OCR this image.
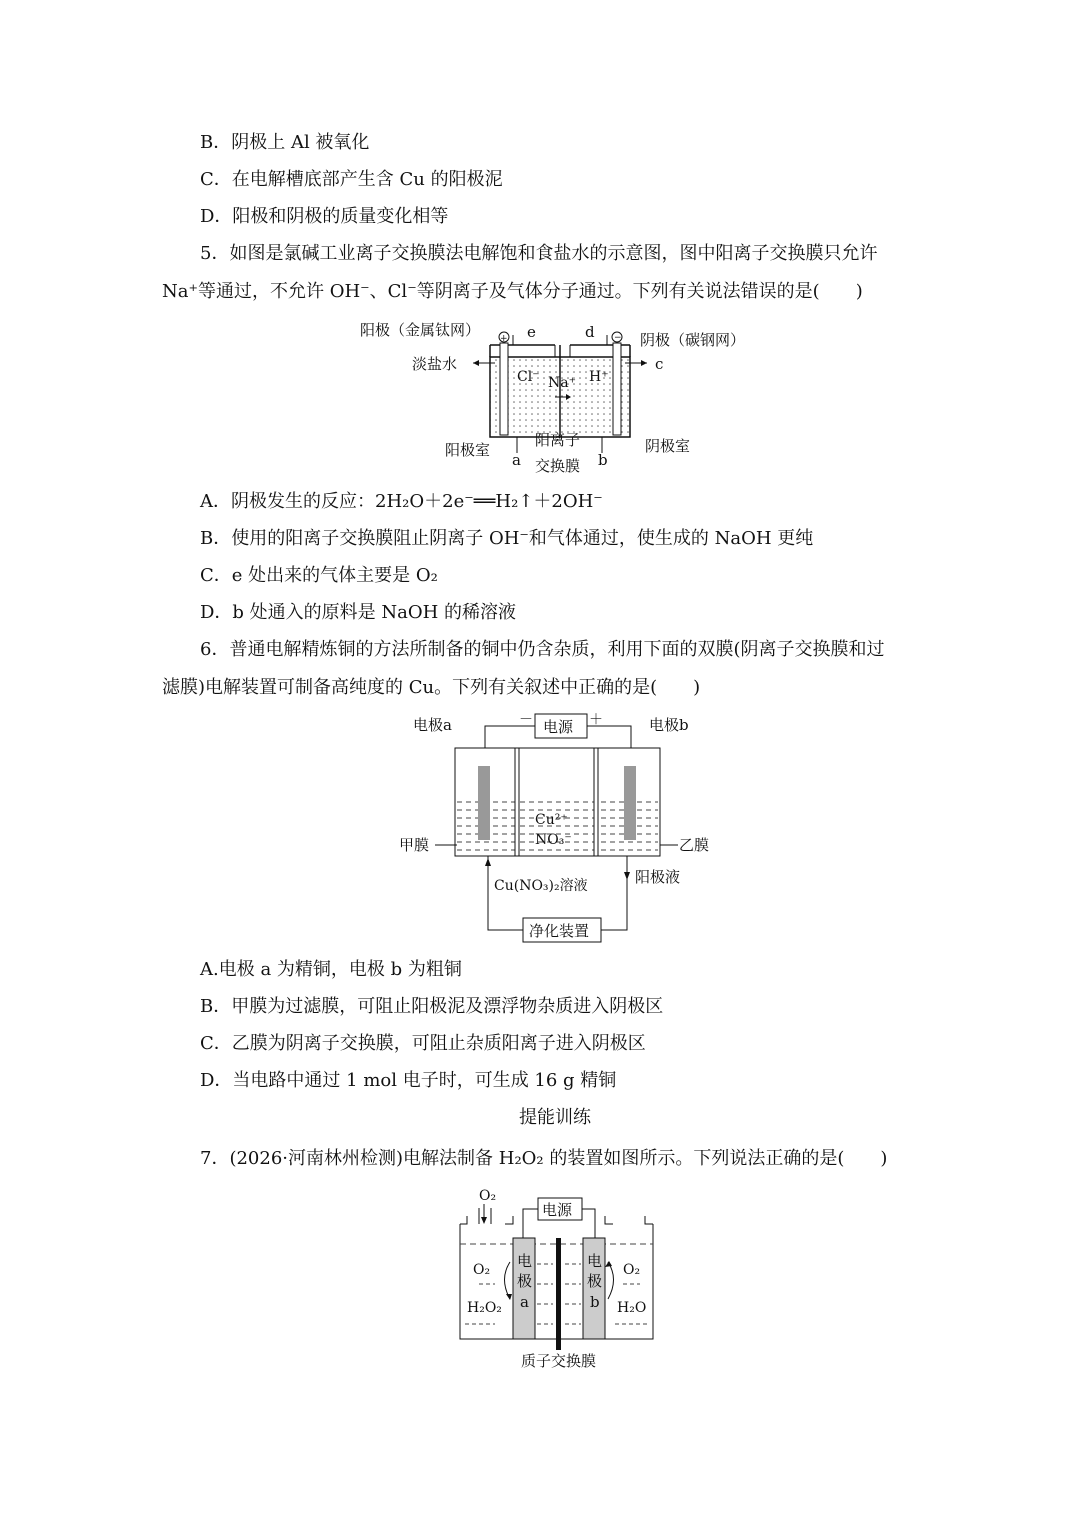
B．阴极上 Al 被氧化
C．在电解槽底部产生含 Cu 的阳极泥
D．阳极和阴极的质量变化相等
5．如图是氯碱工业离子交换膜法电解饱和食盐水的示意图，图中阳离子交换膜只允许
Na⁺等通过，不允许 OH⁻、Cl⁻等阴离子及气体分子通过。下列有关说法错误的是(　　)
+	−
阳极（金属钛网）
阴极（碳钢网）
淡盐水	c
e	d
Cl⁻ Na⁺ H⁺
阳极室	阴极室
阳离子
交换膜
a	b
A．阴极发生的反应：2H₂O＋2e⁻══H₂↑＋2OH⁻
B．使用的阳离子交换膜阻止阴离子 OH⁻和气体通过，使生成的 NaOH 更纯
C．e 处出来的气体主要是 O₂
D．b 处通入的原料是 NaOH 的稀溶液
6．普通电解精炼铜的方法所制备的铜中仍含杂质，利用下面的双膜(阴离子交换膜和过
滤膜)电解装置可制备高纯度的 Cu。下列有关叙述中正确的是(　　)
电源
－	＋
Cu²⁺
NO₃⁻
电极a	电极b
甲膜	乙膜
净化装置
Cu(NO₃)₂溶液	阳极液
A.电极 a 为精铜，电极 b 为粗铜
B．甲膜为过滤膜，可阻止阳极泥及漂浮物杂质进入阴极区
C．乙膜为阴离子交换膜，可阻止杂质阳离子进入阴极区
D．当电路中通过 1 mol 电子时，可生成 16 g 精铜
提能训练
7．(2026·河南林州检测)电解法制备 H₂O₂ 的装置如图所示。下列说法正确的是(　　)
电源
O₂
O₂
H₂O₂
电
极
a
电
极
b
O₂
H₂O
质子交换膜
